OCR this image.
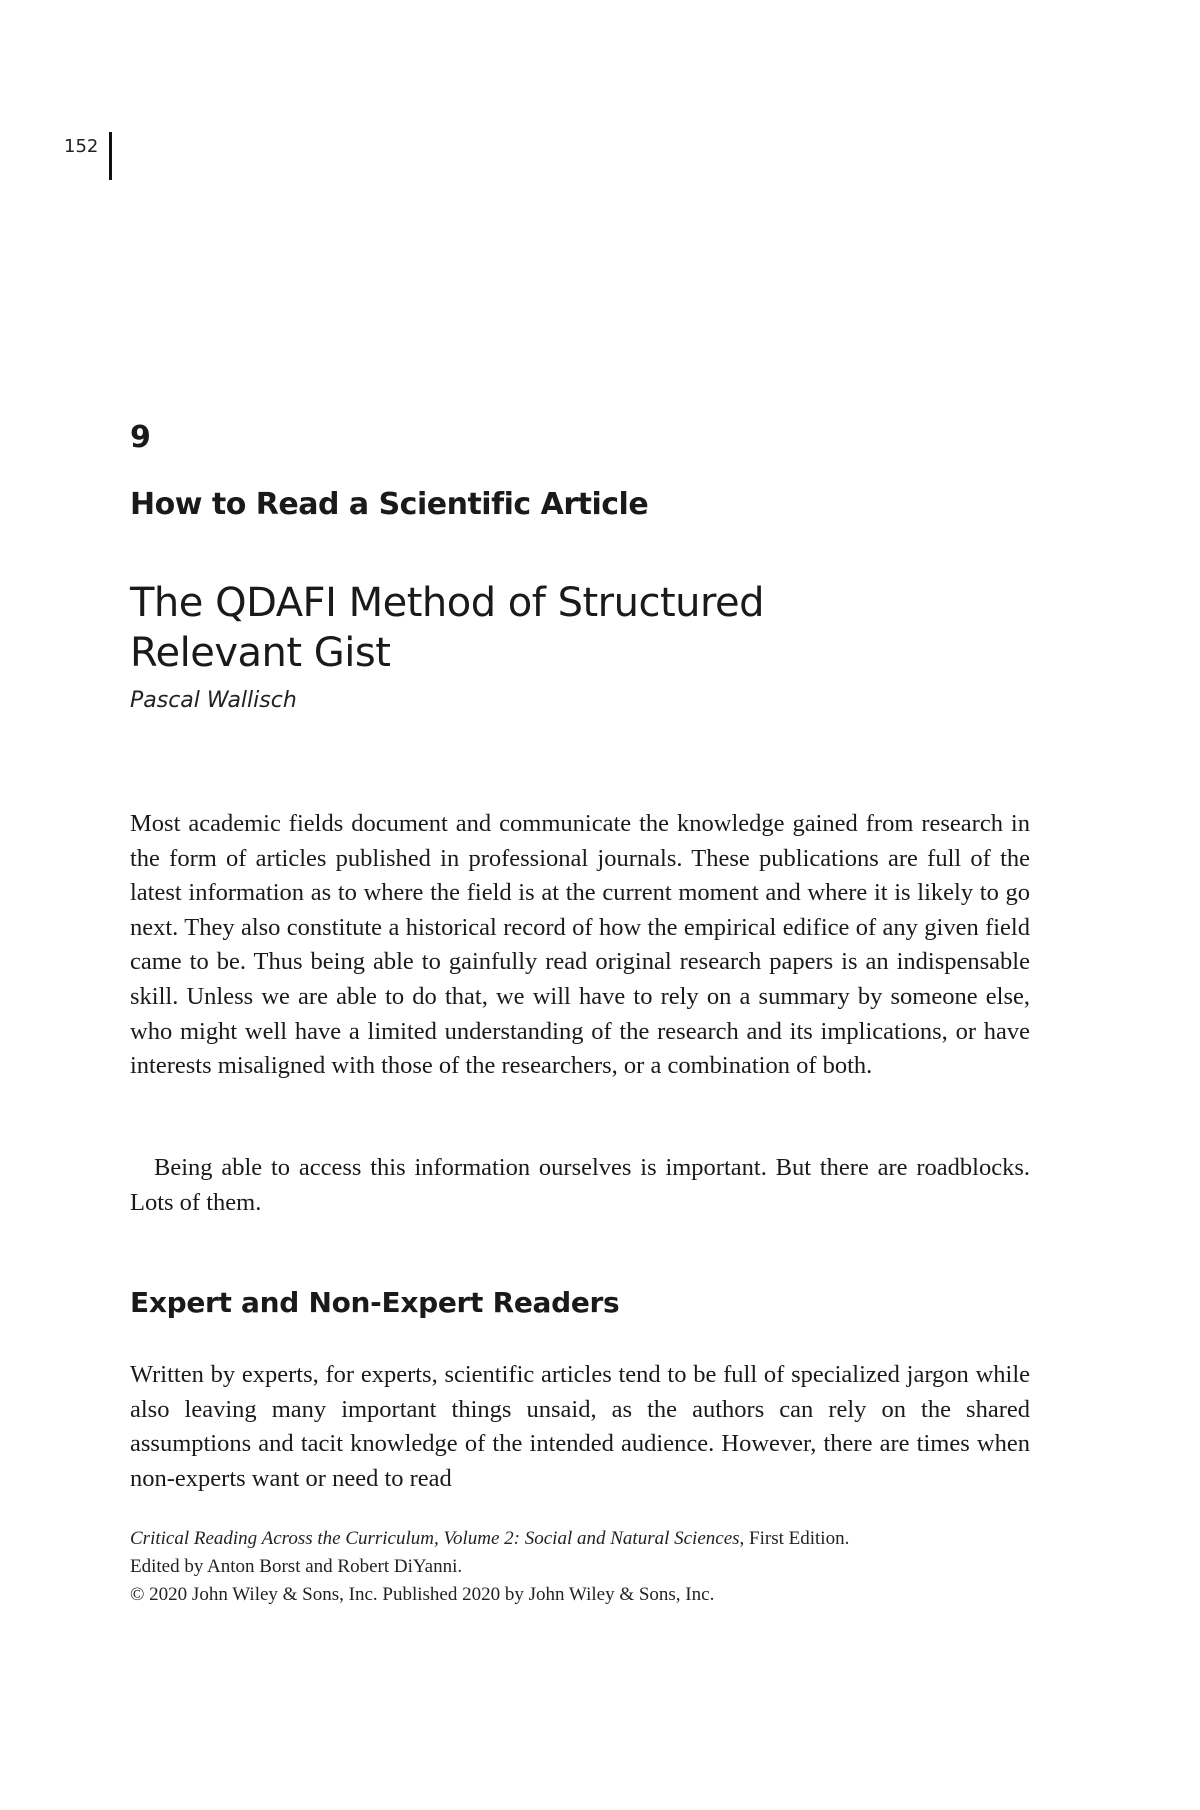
152
9
How to Read a Scientific Article
The QDAFI Method of Structured
Relevant Gist
Pascal Wallisch

Most academic fields document and communicate the knowledge gained from research in the form of articles published in professional journals. These publications are full of the latest information as to where the field is at the current moment and where it is likely to go next. They also constitute a historical record of how the empirical edifice of any given field came to be. Thus being able to gainfully read original research papers is an indispensable skill. Unless we are able to do that, we will have to rely on a summary by someone else, who might well have a limited understanding of the research and its implications, or have interests misaligned with those of the researchers, or a combination of both.

Being able to access this information ourselves is important. But there are roadblocks. Lots of them.

Expert and Non-Expert Readers

Written by experts, for experts, scientific articles tend to be full of specialized jargon while also leaving many important things unsaid, as the authors can rely on the shared assumptions and tacit knowledge of the intended audience. However, there are times when non-experts want or need to read

Critical Reading Across the Curriculum, Volume 2: Social and Natural Sciences, First Edition.
Edited by Anton Borst and Robert DiYanni.
© 2020 John Wiley & Sons, Inc. Published 2020 by John Wiley & Sons, Inc.
